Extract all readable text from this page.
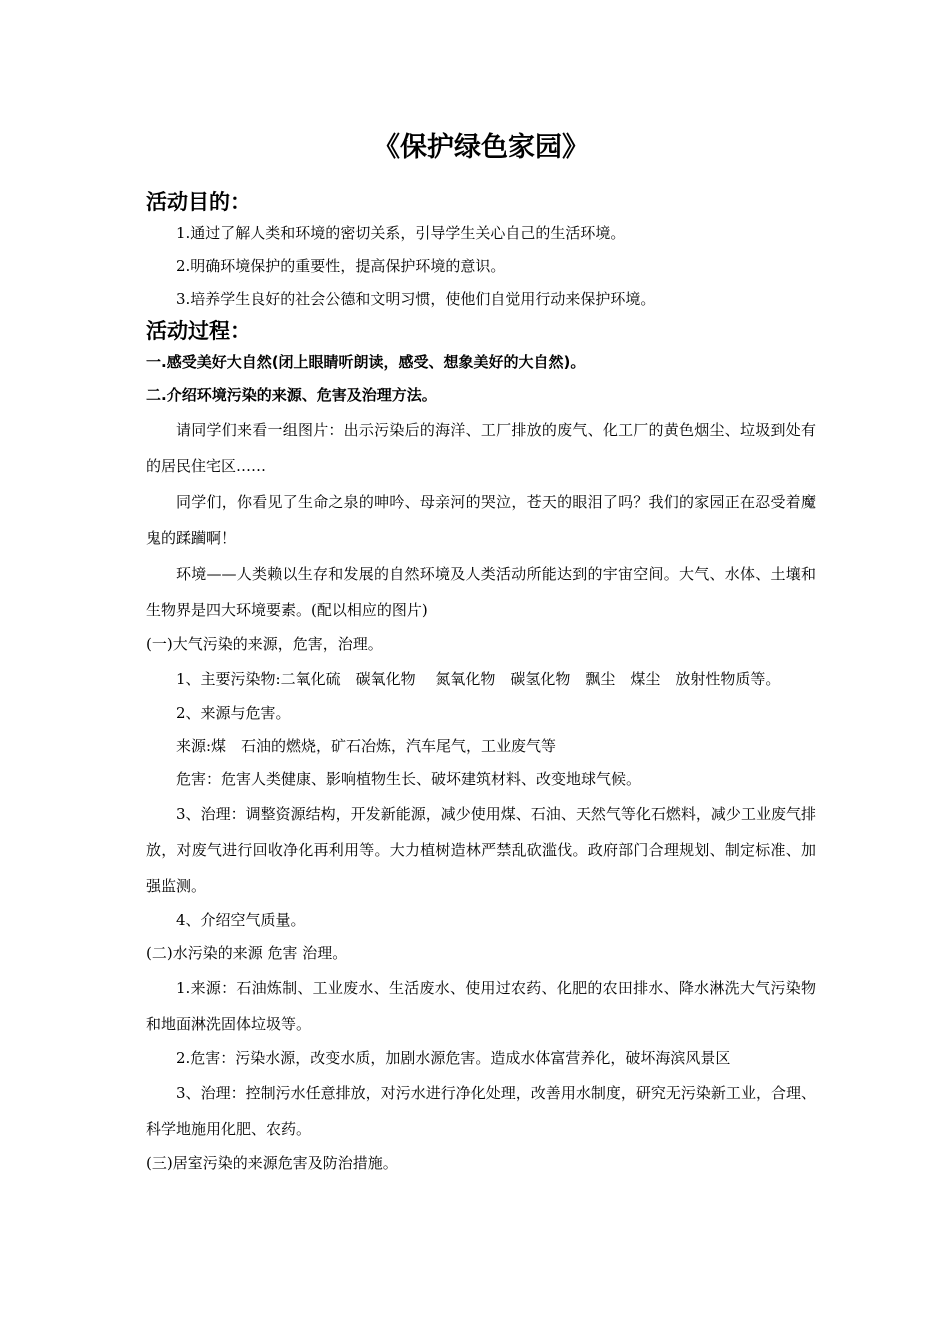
《保护绿色家园》
活动目的：
1.通过了解人类和环境的密切关系，引导学生关心自己的生活环境。
2.明确环境保护的重要性，提高保护环境的意识。
3.培养学生良好的社会公德和文明习惯，使他们自觉用行动来保护环境。
活动过程：
一.感受美好大自然(闭上眼睛听朗读，感受、想象美好的大自然)。
二.介绍环境污染的来源、危害及治理方法。
请同学们来看一组图片：出示污染后的海洋、工厂排放的废气、化工厂的黄色烟尘、垃圾到处有的居民住宅区……
同学们，你看见了生命之泉的呻吟、母亲河的哭泣，苍天的眼泪了吗？我们的家园正在忍受着魔鬼的蹂躏啊！
环境——人类赖以生存和发展的自然环境及人类活动所能达到的宇宙空间。大气、水体、土壤和生物界是四大环境要素。(配以相应的图片)
(一)大气污染的来源，危害，治理。
1、主要污染物:二氧化硫　碳氧化物　 氮氧化物　碳氢化物　飘尘　煤尘　放射性物质等。
2、来源与危害。
来源:煤　石油的燃烧，矿石冶炼，汽车尾气，工业废气等
危害：危害人类健康、影响植物生长、破坏建筑材料、改变地球气候。
3、治理：调整资源结构，开发新能源，减少使用煤、石油、天然气等化石燃料，减少工业废气排放，对废气进行回收净化再利用等。大力植树造林严禁乱砍滥伐。政府部门合理规划、制定标准、加强监测。
4、介绍空气质量。
(二)水污染的来源 危害 治理。
1.来源：石油炼制、工业废水、生活废水、使用过农药、化肥的农田排水、降水淋洗大气污染物和地面淋洗固体垃圾等。
2.危害：污染水源，改变水质，加剧水源危害。造成水体富营养化，破坏海滨风景区
3、治理：控制污水任意排放，对污水进行净化处理，改善用水制度，研究无污染新工业，合理、科学地施用化肥、农药。
(三)居室污染的来源危害及防治措施。
